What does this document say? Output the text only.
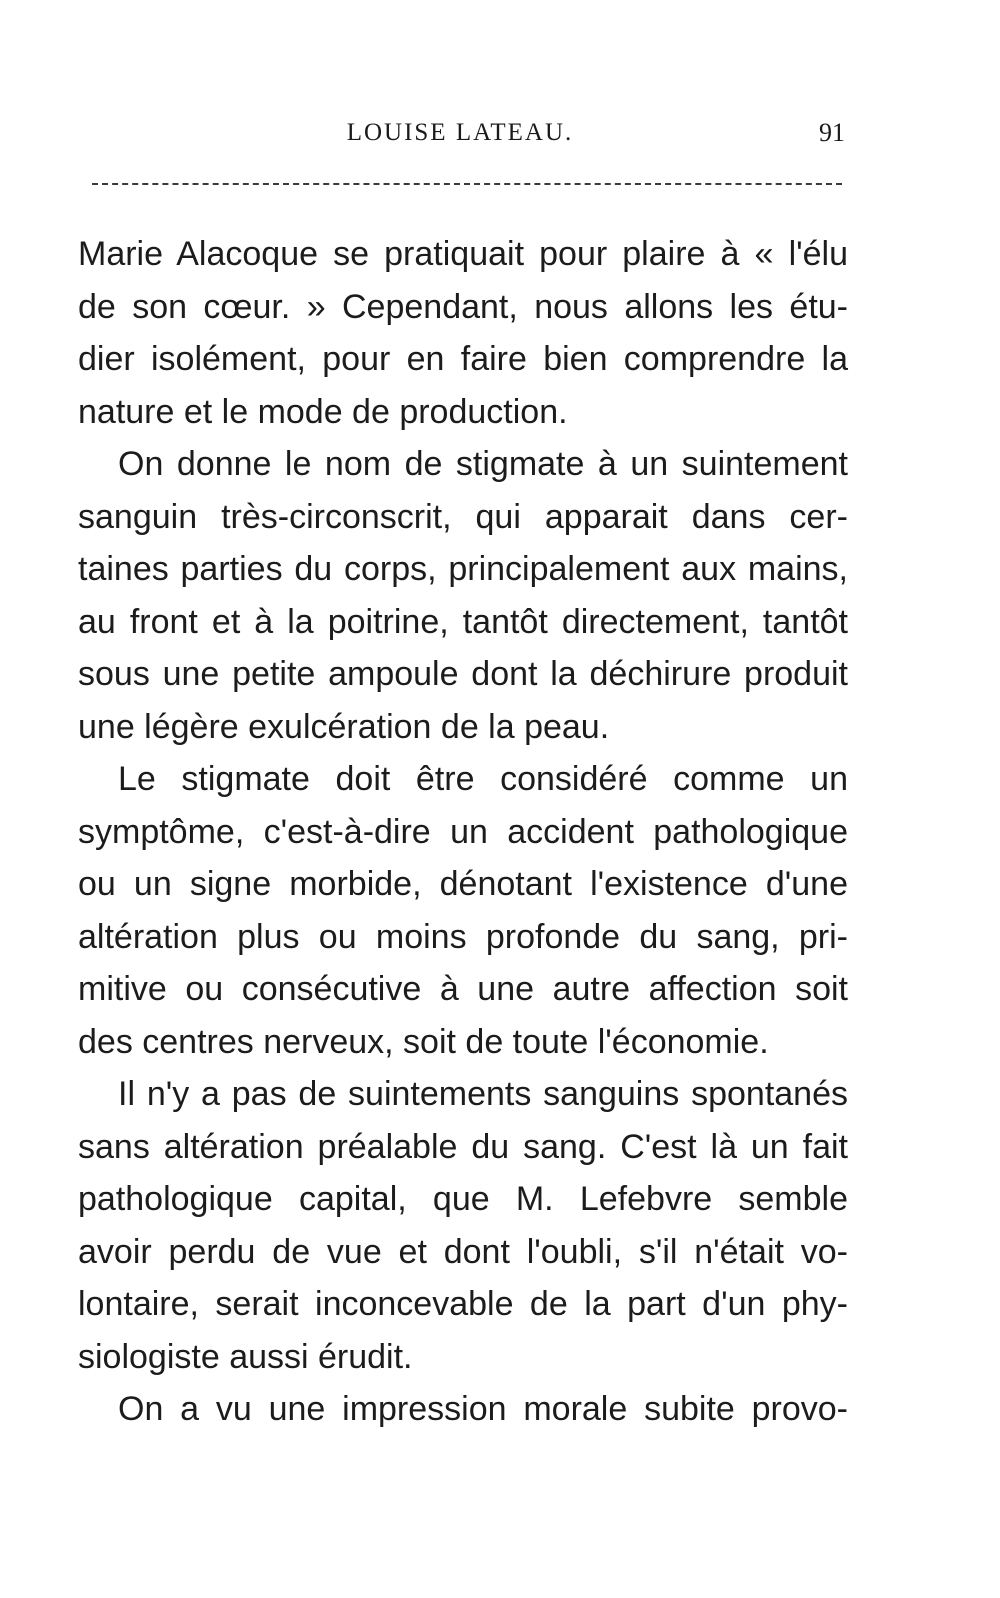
LOUISE LATEAU.	91
Marie Alacoque se pratiquait pour plaire à « l'élu
de son cœur. » Cependant, nous allons les étu-
dier isolément, pour en faire bien comprendre la
nature et le mode de production.
On donne le nom de stigmate à un suintement
sanguin très-circonscrit, qui apparait dans cer-
taines parties du corps, principalement aux mains,
au front et à la poitrine, tantôt directement, tantôt
sous une petite ampoule dont la déchirure produit
une légère exulcération de la peau.
Le stigmate doit être considéré comme un
symptôme, c'est-à-dire un accident pathologique
ou un signe morbide, dénotant l'existence d'une
altération plus ou moins profonde du sang, pri-
mitive ou consécutive à une autre affection soit
des centres nerveux, soit de toute l'économie.
Il n'y a pas de suintements sanguins spontanés
sans altération préalable du sang. C'est là un fait
pathologique capital, que M. Lefebvre semble
avoir perdu de vue et dont l'oubli, s'il n'était vo-
lontaire, serait inconcevable de la part d'un phy-
siologiste aussi érudit.
On a vu une impression morale subite provo-
